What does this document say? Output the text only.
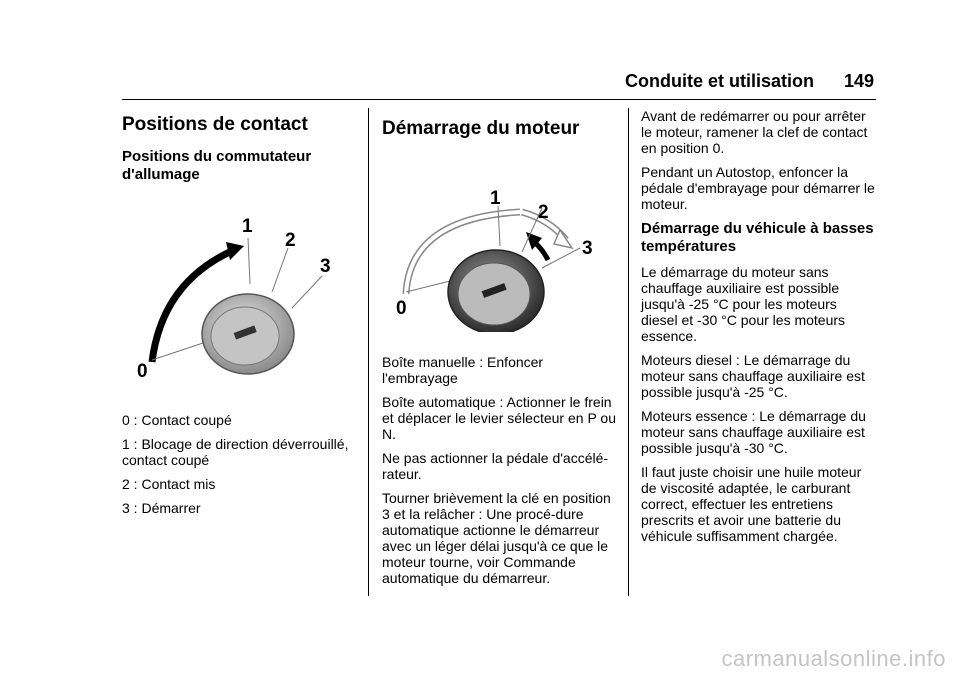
Conduite et utilisation 149
Positions de contact
Positions du commutateur d'allumage
1
2
3
0

0 : Contact coupé

1 : Blocage de direction déverrouillé, contact coupé

2 : Contact mis

3 : Démarrer

Démarrage du moteur
1
2
3
0

Boîte manuelle : Enfoncer l'embrayage

Boîte automatique : Actionner le frein et déplacer le levier sélecteur en P ou N.

Ne pas actionner la pédale d'accélé-rateur.

Tourner brièvement la clé en position 3 et la relâcher : Une procé-dure automatique actionne le démarreur avec un léger délai jusqu'à ce que le moteur tourne, voir Commande automatique du démarreur.

Avant de redémarrer ou pour arrêter le moteur, ramener la clef de contact en position 0.

Pendant un Autostop, enfoncer la pédale d'embrayage pour démarrer le moteur.

Démarrage du véhicule à basses températures

Le démarrage du moteur sans chauffage auxiliaire est possible jusqu'à -25 °C pour les moteurs diesel et -30 °C pour les moteurs essence.

Moteurs diesel : Le démarrage du moteur sans chauffage auxiliaire est possible jusqu'à -25 °C.

Moteurs essence : Le démarrage du moteur sans chauffage auxiliaire est possible jusqu'à -30 °C.

Il faut juste choisir une huile moteur de viscosité adaptée, le carburant correct, effectuer les entretiens prescrits et avoir une batterie du véhicule suffisamment chargée.

carmanualsonline.info
